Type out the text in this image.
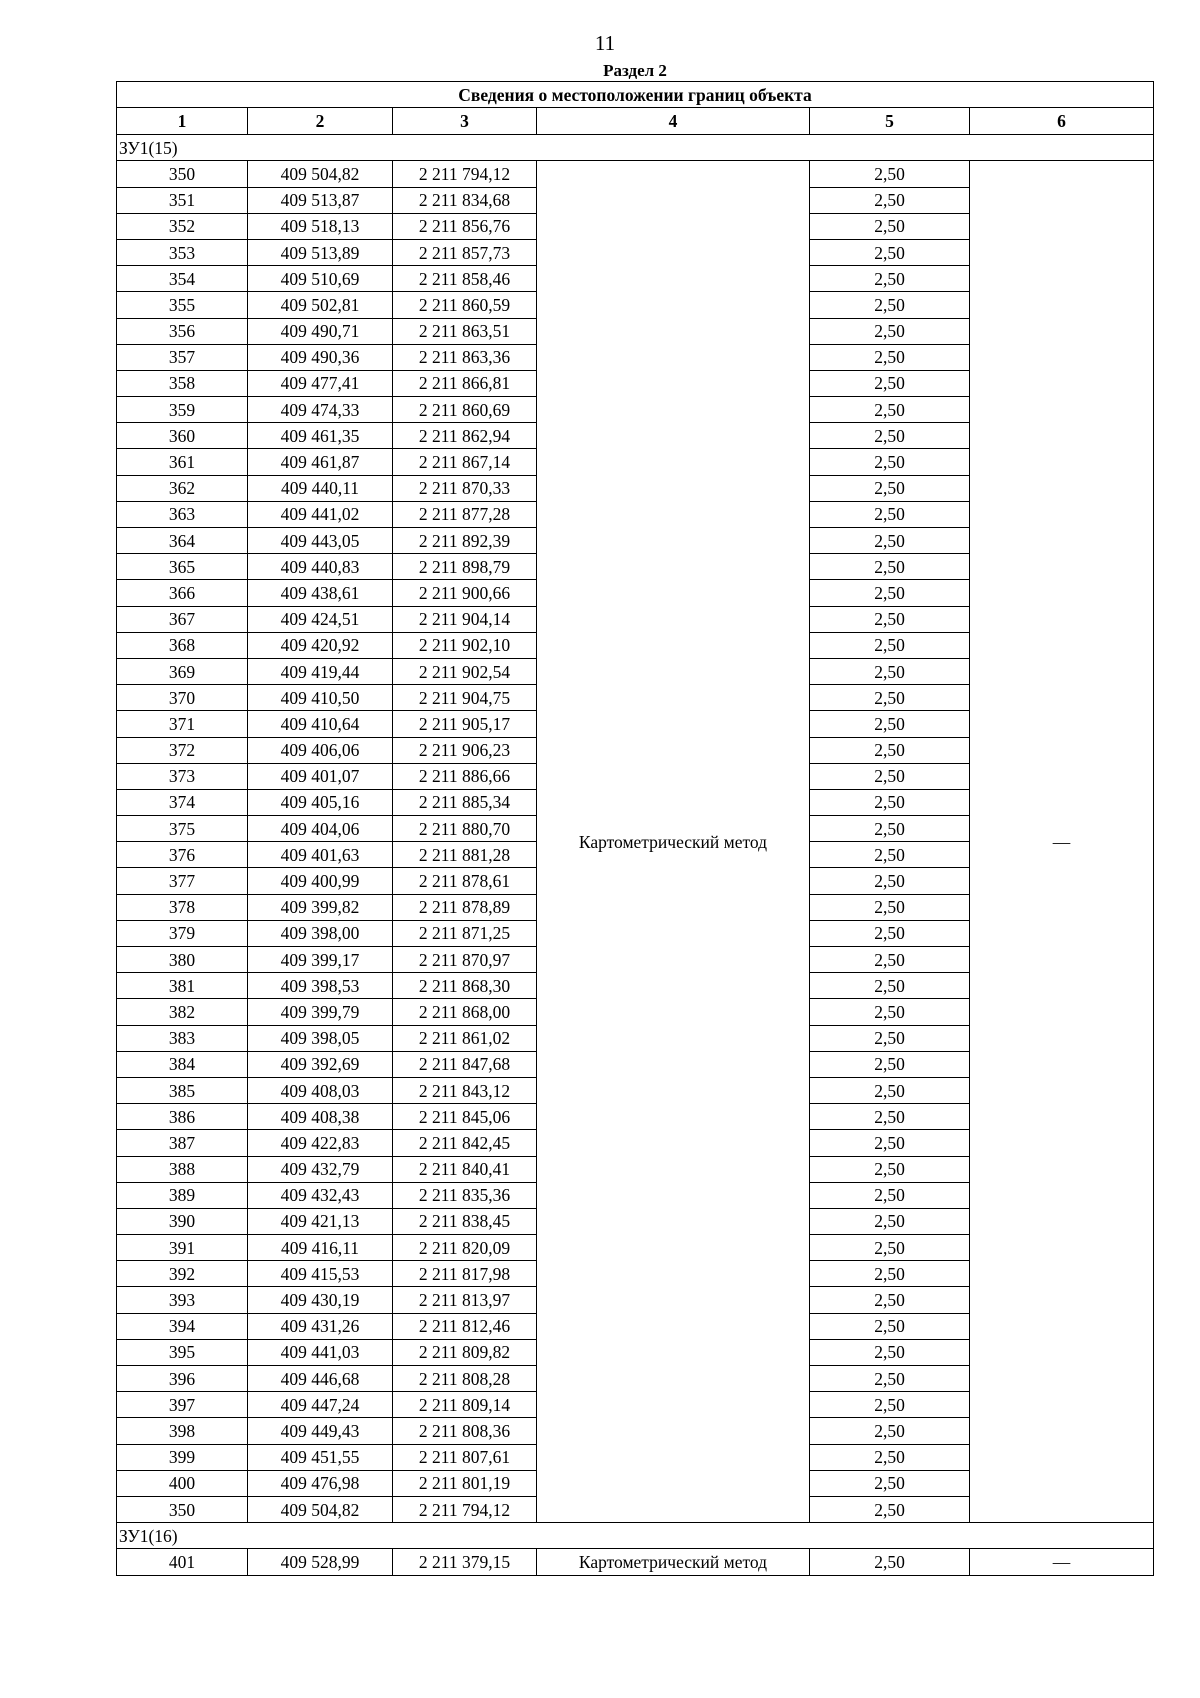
11
Раздел 2
Сведения о местоположении границ объекта					
1	2	3	4	5	6
ЗУ1(15)					
350	409 504,82	2 211 794,12	Картометрический метод	2,50	—
351	409 513,87	2 211 834,68		2,50	
352	409 518,13	2 211 856,76		2,50	
353	409 513,89	2 211 857,73		2,50	
354	409 510,69	2 211 858,46		2,50	
355	409 502,81	2 211 860,59		2,50	
356	409 490,71	2 211 863,51		2,50	
357	409 490,36	2 211 863,36		2,50	
358	409 477,41	2 211 866,81		2,50	
359	409 474,33	2 211 860,69		2,50	
360	409 461,35	2 211 862,94		2,50	
361	409 461,87	2 211 867,14		2,50	
362	409 440,11	2 211 870,33		2,50	
363	409 441,02	2 211 877,28		2,50	
364	409 443,05	2 211 892,39		2,50	
365	409 440,83	2 211 898,79		2,50	
366	409 438,61	2 211 900,66		2,50	
367	409 424,51	2 211 904,14		2,50	
368	409 420,92	2 211 902,10		2,50	
369	409 419,44	2 211 902,54		2,50	
370	409 410,50	2 211 904,75		2,50	
371	409 410,64	2 211 905,17		2,50	
372	409 406,06	2 211 906,23		2,50	
373	409 401,07	2 211 886,66		2,50	
374	409 405,16	2 211 885,34		2,50	
375	409 404,06	2 211 880,70		2,50	
376	409 401,63	2 211 881,28		2,50	
377	409 400,99	2 211 878,61		2,50	
378	409 399,82	2 211 878,89		2,50	
379	409 398,00	2 211 871,25		2,50	
380	409 399,17	2 211 870,97		2,50	
381	409 398,53	2 211 868,30		2,50	
382	409 399,79	2 211 868,00		2,50	
383	409 398,05	2 211 861,02		2,50	
384	409 392,69	2 211 847,68		2,50	
385	409 408,03	2 211 843,12		2,50	
386	409 408,38	2 211 845,06		2,50	
387	409 422,83	2 211 842,45		2,50	
388	409 432,79	2 211 840,41		2,50	
389	409 432,43	2 211 835,36		2,50	
390	409 421,13	2 211 838,45		2,50	
391	409 416,11	2 211 820,09		2,50	
392	409 415,53	2 211 817,98		2,50	
393	409 430,19	2 211 813,97		2,50	
394	409 431,26	2 211 812,46		2,50	
395	409 441,03	2 211 809,82		2,50	
396	409 446,68	2 211 808,28		2,50	
397	409 447,24	2 211 809,14		2,50	
398	409 449,43	2 211 808,36		2,50	
399	409 451,55	2 211 807,61		2,50	
400	409 476,98	2 211 801,19		2,50	
350	409 504,82	2 211 794,12		2,50	
ЗУ1(16)					
401	409 528,99	2 211 379,15	Картометрический метод	2,50	—
